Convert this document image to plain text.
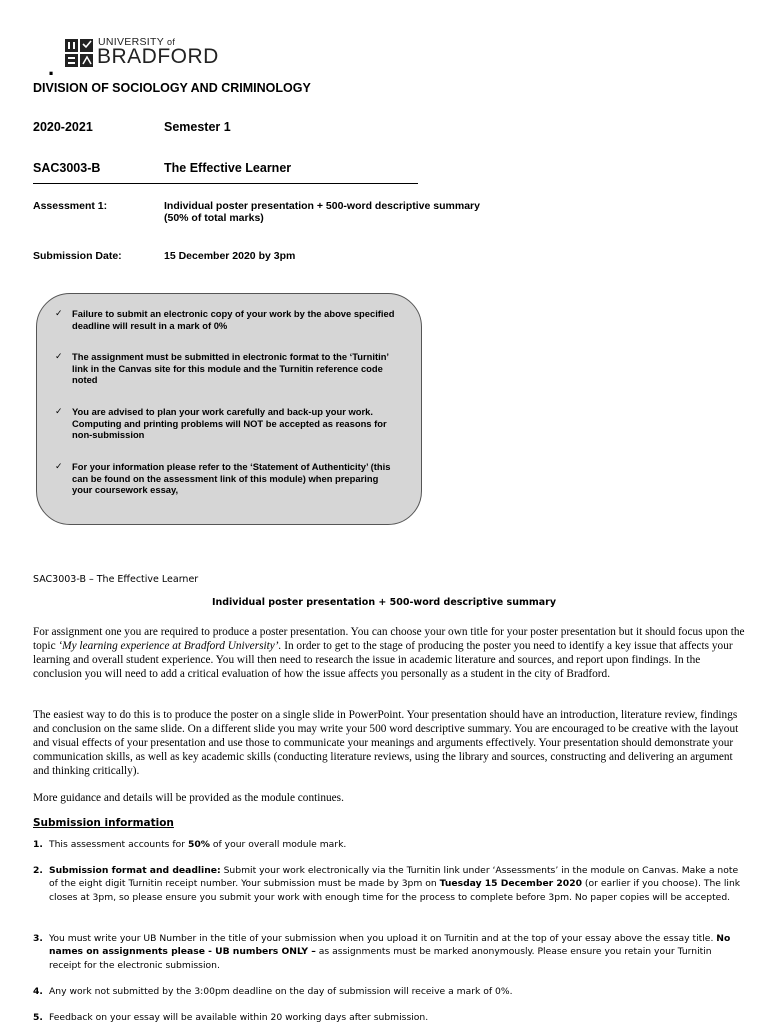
.
UNIVERSITY of
BRADFORD
DIVISION OF SOCIOLOGY AND CRIMINOLOGY
2020-2021	Semester 1
SAC3003-B	The Effective Learner
Assessment 1:	Individual poster presentation + 500-word descriptive summary
(50% of total marks)
Submission Date:	15 December 2020 by 3pm
✓ Failure to submit an electronic copy of your work by the above specified
deadline will result in a mark of 0%
✓ The assignment must be submitted in electronic format to the ‘Turnitin’
link in the Canvas site for this module and the Turnitin reference code
noted
✓ You are advised to plan your work carefully and back-up your work.
Computing and printing problems will NOT be accepted as reasons for
non-submission
✓ For your information please refer to the ‘Statement of Authenticity’ (this
can be found on the assessment link of this module) when preparing
your coursework essay,
SAC3003-B – The Effective Learner
Individual poster presentation + 500-word descriptive summary
For assignment one you are required to produce a poster presentation. You can choose your own title for your poster presentation but it should focus upon the topic ‘My learning experience at Bradford University’. In order to get to the stage of producing the poster you need to identify a key issue that affects your learning and overall student experience. You will then need to research the issue in academic literature and sources, and report upon findings. In the conclusion you will need to add a critical evaluation of how the issue affects you personally as a student in the city of Bradford.
The easiest way to do this is to produce the poster on a single slide in PowerPoint. Your presentation should have an introduction, literature review, findings and conclusion on the same slide. On a different slide you may write your 500 word descriptive summary. You are encouraged to be creative with the layout and visual effects of your presentation and use those to communicate your meanings and arguments effectively. Your presentation should demonstrate your communication skills, as well as key academic skills (conducting literature reviews, using the library and sources, constructing and delivering an argument and thinking critically).
More guidance and details will be provided as the module continues.
Submission information
1. This assessment accounts for 50% of your overall module mark.
2. Submission format and deadline: Submit your work electronically via the Turnitin link under ‘Assessments’ in the module on Canvas. Make a note of the eight digit Turnitin receipt number. Your submission must be made by 3pm on Tuesday 15 December 2020 (or earlier if you choose). The link closes at 3pm, so please ensure you submit your work with enough time for the process to complete before 3pm. No paper copies will be accepted.
3. You must write your UB Number in the title of your submission when you upload it on Turnitin and at the top of your essay above the essay title. No names on assignments please - UB numbers ONLY – as assignments must be marked anonymously. Please ensure you retain your Turnitin receipt for the electronic submission.
4. Any work not submitted by the 3:00pm deadline on the day of submission will receive a mark of 0%.
5. Feedback on your essay will be available within 20 working days after submission.
